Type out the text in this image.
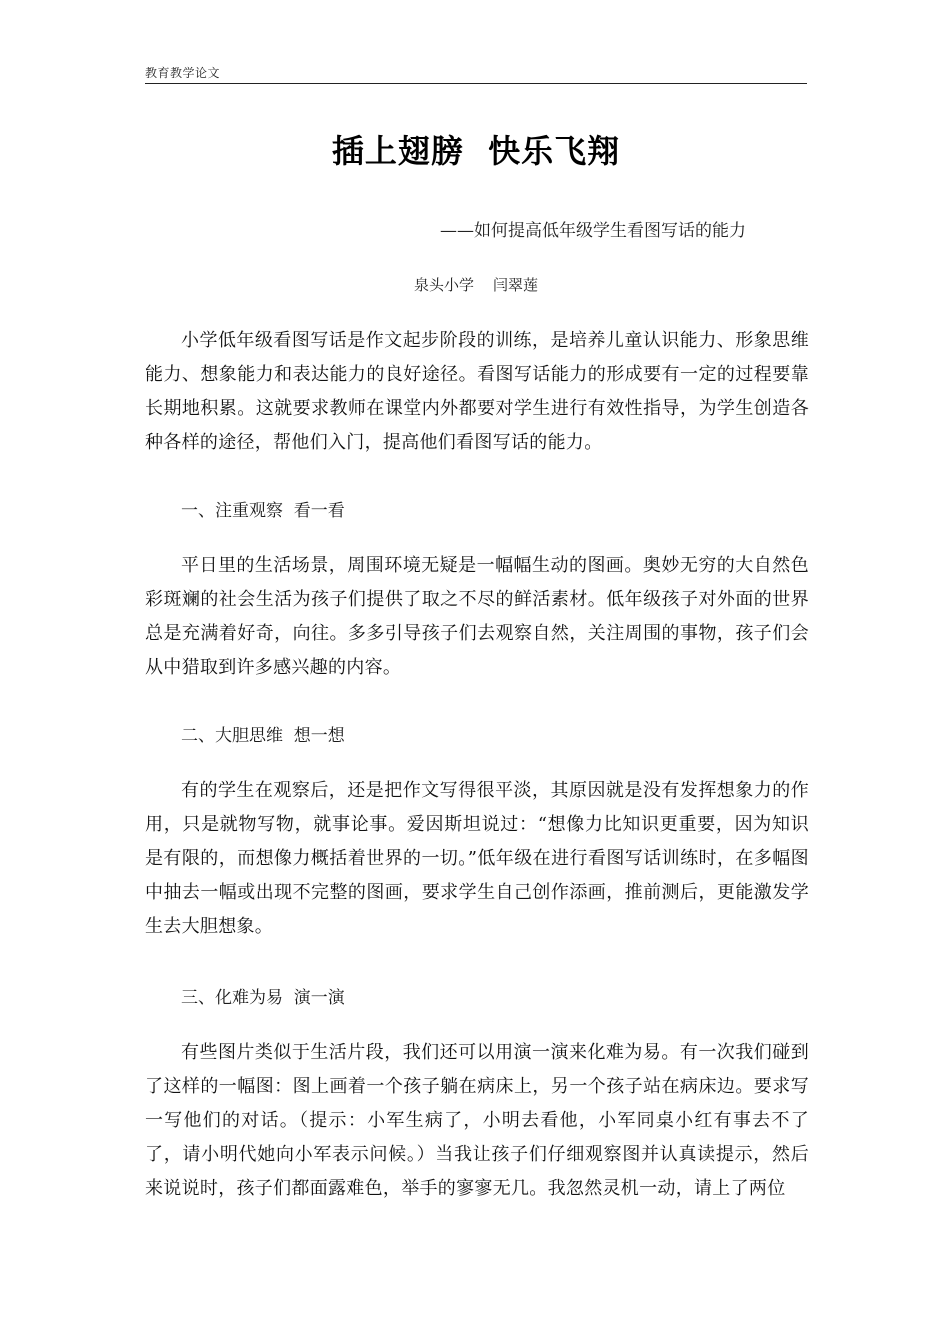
教育教学论文
插上翅膀  快乐飞翔
——如何提高低年级学生看图写话的能力
泉头小学    闫翠莲

小学低年级看图写话是作文起步阶段的训练，是培养儿童认识能力、形象思维能力、想象能力和表达能力的良好途径。看图写话能力的形成要有一定的过程要靠长期地积累。这就要求教师在课堂内外都要对学生进行有效性指导，为学生创造各种各样的途径，帮他们入门，提高他们看图写话的能力。

一、注重观察  看一看

平日里的生活场景，周围环境无疑是一幅幅生动的图画。奥妙无穷的大自然色彩斑斓的社会生活为孩子们提供了取之不尽的鲜活素材。低年级孩子对外面的世界总是充满着好奇，向往。多多引导孩子们去观察自然，关注周围的事物，孩子们会从中猎取到许多感兴趣的内容。

二、大胆思维  想一想

有的学生在观察后，还是把作文写得很平淡，其原因就是没有发挥想象力的作用，只是就物写物，就事论事。爱因斯坦说过：“想像力比知识更重要，因为知识是有限的，而想像力概括着世界的一切。”低年级在进行看图写话训练时，在多幅图中抽去一幅或出现不完整的图画，要求学生自己创作添画，推前测后，更能激发学生去大胆想象。

三、化难为易  演一演

有些图片类似于生活片段，我们还可以用演一演来化难为易。有一次我们碰到了这样的一幅图：图上画着一个孩子躺在病床上，另一个孩子站在病床边。要求写一写他们的对话。（提示：小军生病了，小明去看他，小军同桌小红有事去不了了，请小明代她向小军表示问候。）当我让孩子们仔细观察图并认真读提示，然后来说说时，孩子们都面露难色，举手的寥寥无几。我忽然灵机一动，请上了两位
